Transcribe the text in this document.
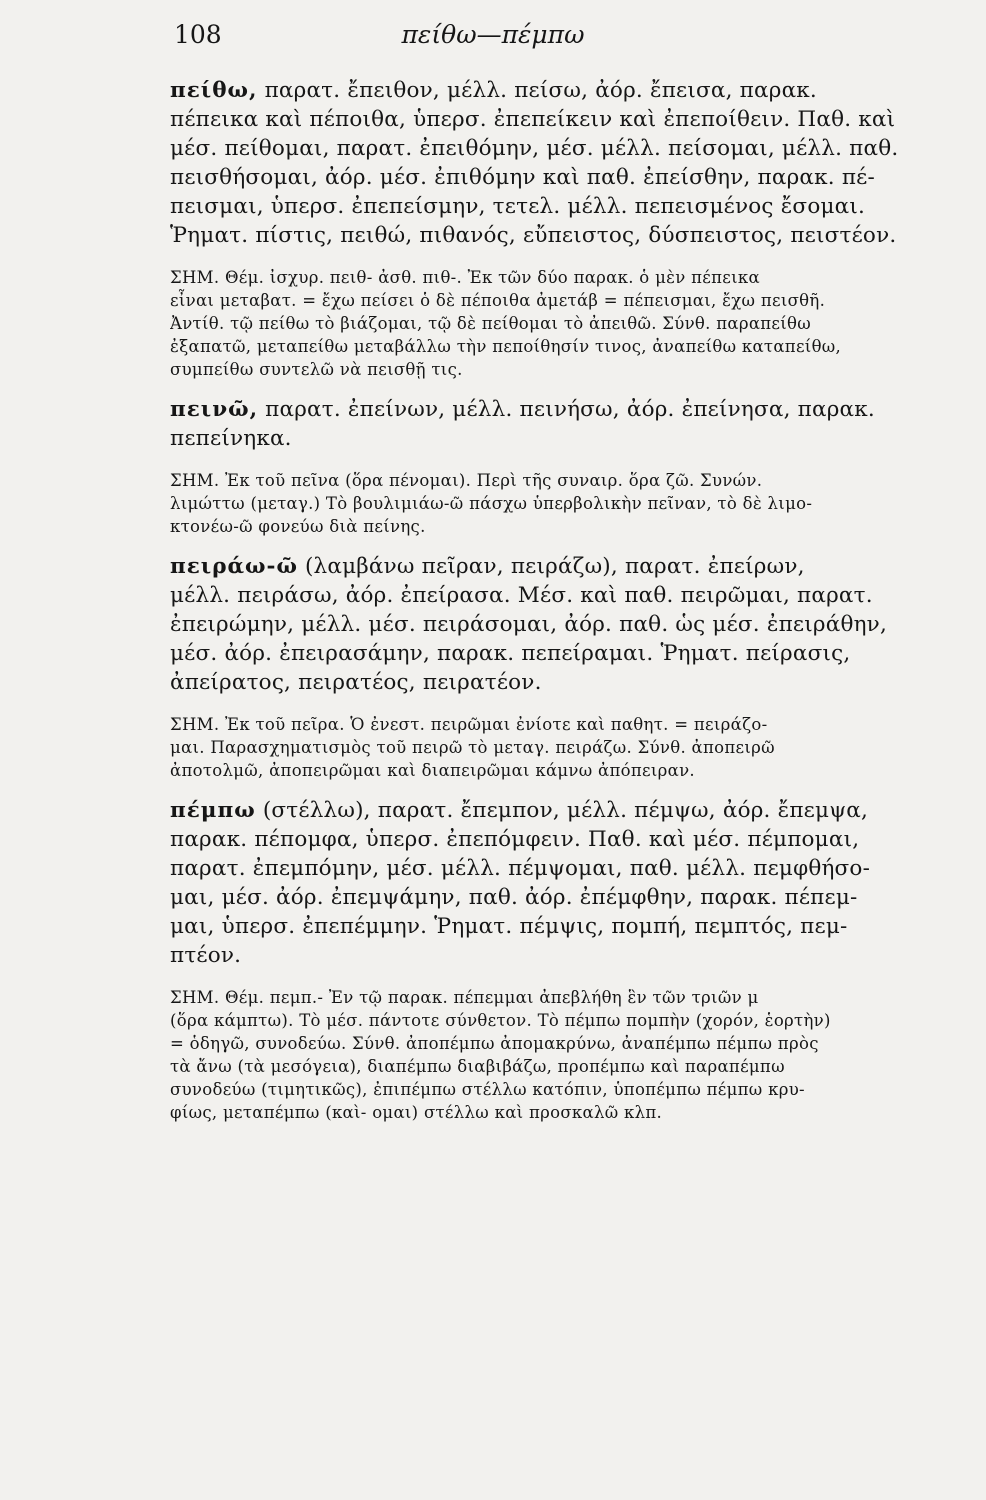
108	πείθω—πέμπω
πείθω, παρατ. ἔπειθον, μέλλ. πείσω, ἀόρ. ἔπεισα, παρακ.
πέπεικα καὶ πέποιθα, ὑπερσ. ἐπεπείκειν καὶ ἐπεποίθειν. Παθ. καὶ
μέσ. πείθομαι, παρατ. ἐπειθόμην, μέσ. μέλλ. πείσομαι, μέλλ. παθ.
πεισθήσομαι, ἀόρ. μέσ. ἐπιθόμην καὶ παθ. ἐπείσθην, παρακ. πέ-
πεισμαι, ὑπερσ. ἐπεπείσμην, τετελ. μέλλ. πεπεισμένος ἔσομαι.
Ῥηματ. πίστις, πειθώ, πιθανός, εὔπειστος, δύσπειστος, πειστέον.
ΣΗΜ. Θέμ. ἰσχυρ. πειθ- ἀσθ. πιθ-. Ἐκ τῶν δύο παρακ. ὁ μὲν πέπεικα
εἶναι μεταβατ. = ἔχω πείσει ὁ δὲ πέποιθα ἀμετάβ = πέπεισμαι, ἔχω πεισθῆ.
Ἀντίθ. τῷ πείθω τὸ βιάζομαι, τῷ δὲ πείθομαι τὸ ἀπειθῶ. Σύνθ. παραπείθω
ἐξαπατῶ, μεταπείθω μεταβάλλω τὴν πεποίθησίν τινος, ἀναπείθω καταπείθω,
συμπείθω συντελῶ νὰ πεισθῇ τις.
πεινῶ, παρατ. ἐπείνων, μέλλ. πεινήσω, ἀόρ. ἐπείνησα, παρακ.
πεπείνηκα.
ΣΗΜ. Ἐκ τοῦ πεῖνα (ὅρα πένομαι). Περὶ τῆς συναιρ. ὅρα ζῶ. Συνών.
λιμώττω (μεταγ.) Τὸ βουλιμιάω-ῶ πάσχω ὑπερβολικὴν πεῖναν, τὸ δὲ λιμο-
κτονέω-ῶ φονεύω διὰ πείνης.
πειράω-ῶ (λαμβάνω πεῖραν, πειράζω), παρατ. ἐπείρων,
μέλλ. πειράσω, ἀόρ. ἐπείρασα. Μέσ. καὶ παθ. πειρῶμαι, παρατ.
ἐπειρώμην, μέλλ. μέσ. πειράσομαι, ἀόρ. παθ. ὡς μέσ. ἐπειράθην,
μέσ. ἀόρ. ἐπειρασάμην, παρακ. πεπείραμαι. Ῥηματ. πείρασις,
ἀπείρατος, πειρατέος, πειρατέον.
ΣΗΜ. Ἐκ τοῦ πεῖρα. Ὁ ἐνεστ. πειρῶμαι ἐνίοτε καὶ παθητ. = πειράζο-
μαι. Παρασχηματισμὸς τοῦ πειρῶ τὸ μεταγ. πειράζω. Σύνθ. ἀποπειρῶ
ἀποτολμῶ, ἀποπειρῶμαι καὶ διαπειρῶμαι κάμνω ἀπόπειραν.
πέμπω (στέλλω), παρατ. ἔπεμπον, μέλλ. πέμψω, ἀόρ. ἔπεμψα,
παρακ. πέπομφα, ὑπερσ. ἐπεπόμφειν. Παθ. καὶ μέσ. πέμπομαι,
παρατ. ἐπεμπόμην, μέσ. μέλλ. πέμψομαι, παθ. μέλλ. πεμφθήσο-
μαι, μέσ. ἀόρ. ἐπεμψάμην, παθ. ἀόρ. ἐπέμφθην, παρακ. πέπεμ-
μαι, ὑπερσ. ἐπεπέμμην. Ῥηματ. πέμψις, πομπή, πεμπτός, πεμ-
πτέον.
ΣΗΜ. Θέμ. πεμπ.- Ἐν τῷ παρακ. πέπεμμαι ἀπεβλήθη ἓν τῶν τριῶν μ
(ὅρα κάμπτω). Τὸ μέσ. πάντοτε σύνθετον. Τὸ πέμπω πομπὴν (χορόν, ἑορτὴν)
= ὁδηγῶ, συνοδεύω. Σύνθ. ἀποπέμπω ἀπομακρύνω, ἀναπέμπω πέμπω πρὸς
τὰ ἄνω (τὰ μεσόγεια), διαπέμπω διαβιβάζω, προπέμπω καὶ παραπέμπω
συνοδεύω (τιμητικῶς), ἐπιπέμπω στέλλω κατόπιν, ὑποπέμπω πέμπω κρυ-
φίως, μεταπέμπω (καὶ- ομαι) στέλλω καὶ προσκαλῶ κλπ.
